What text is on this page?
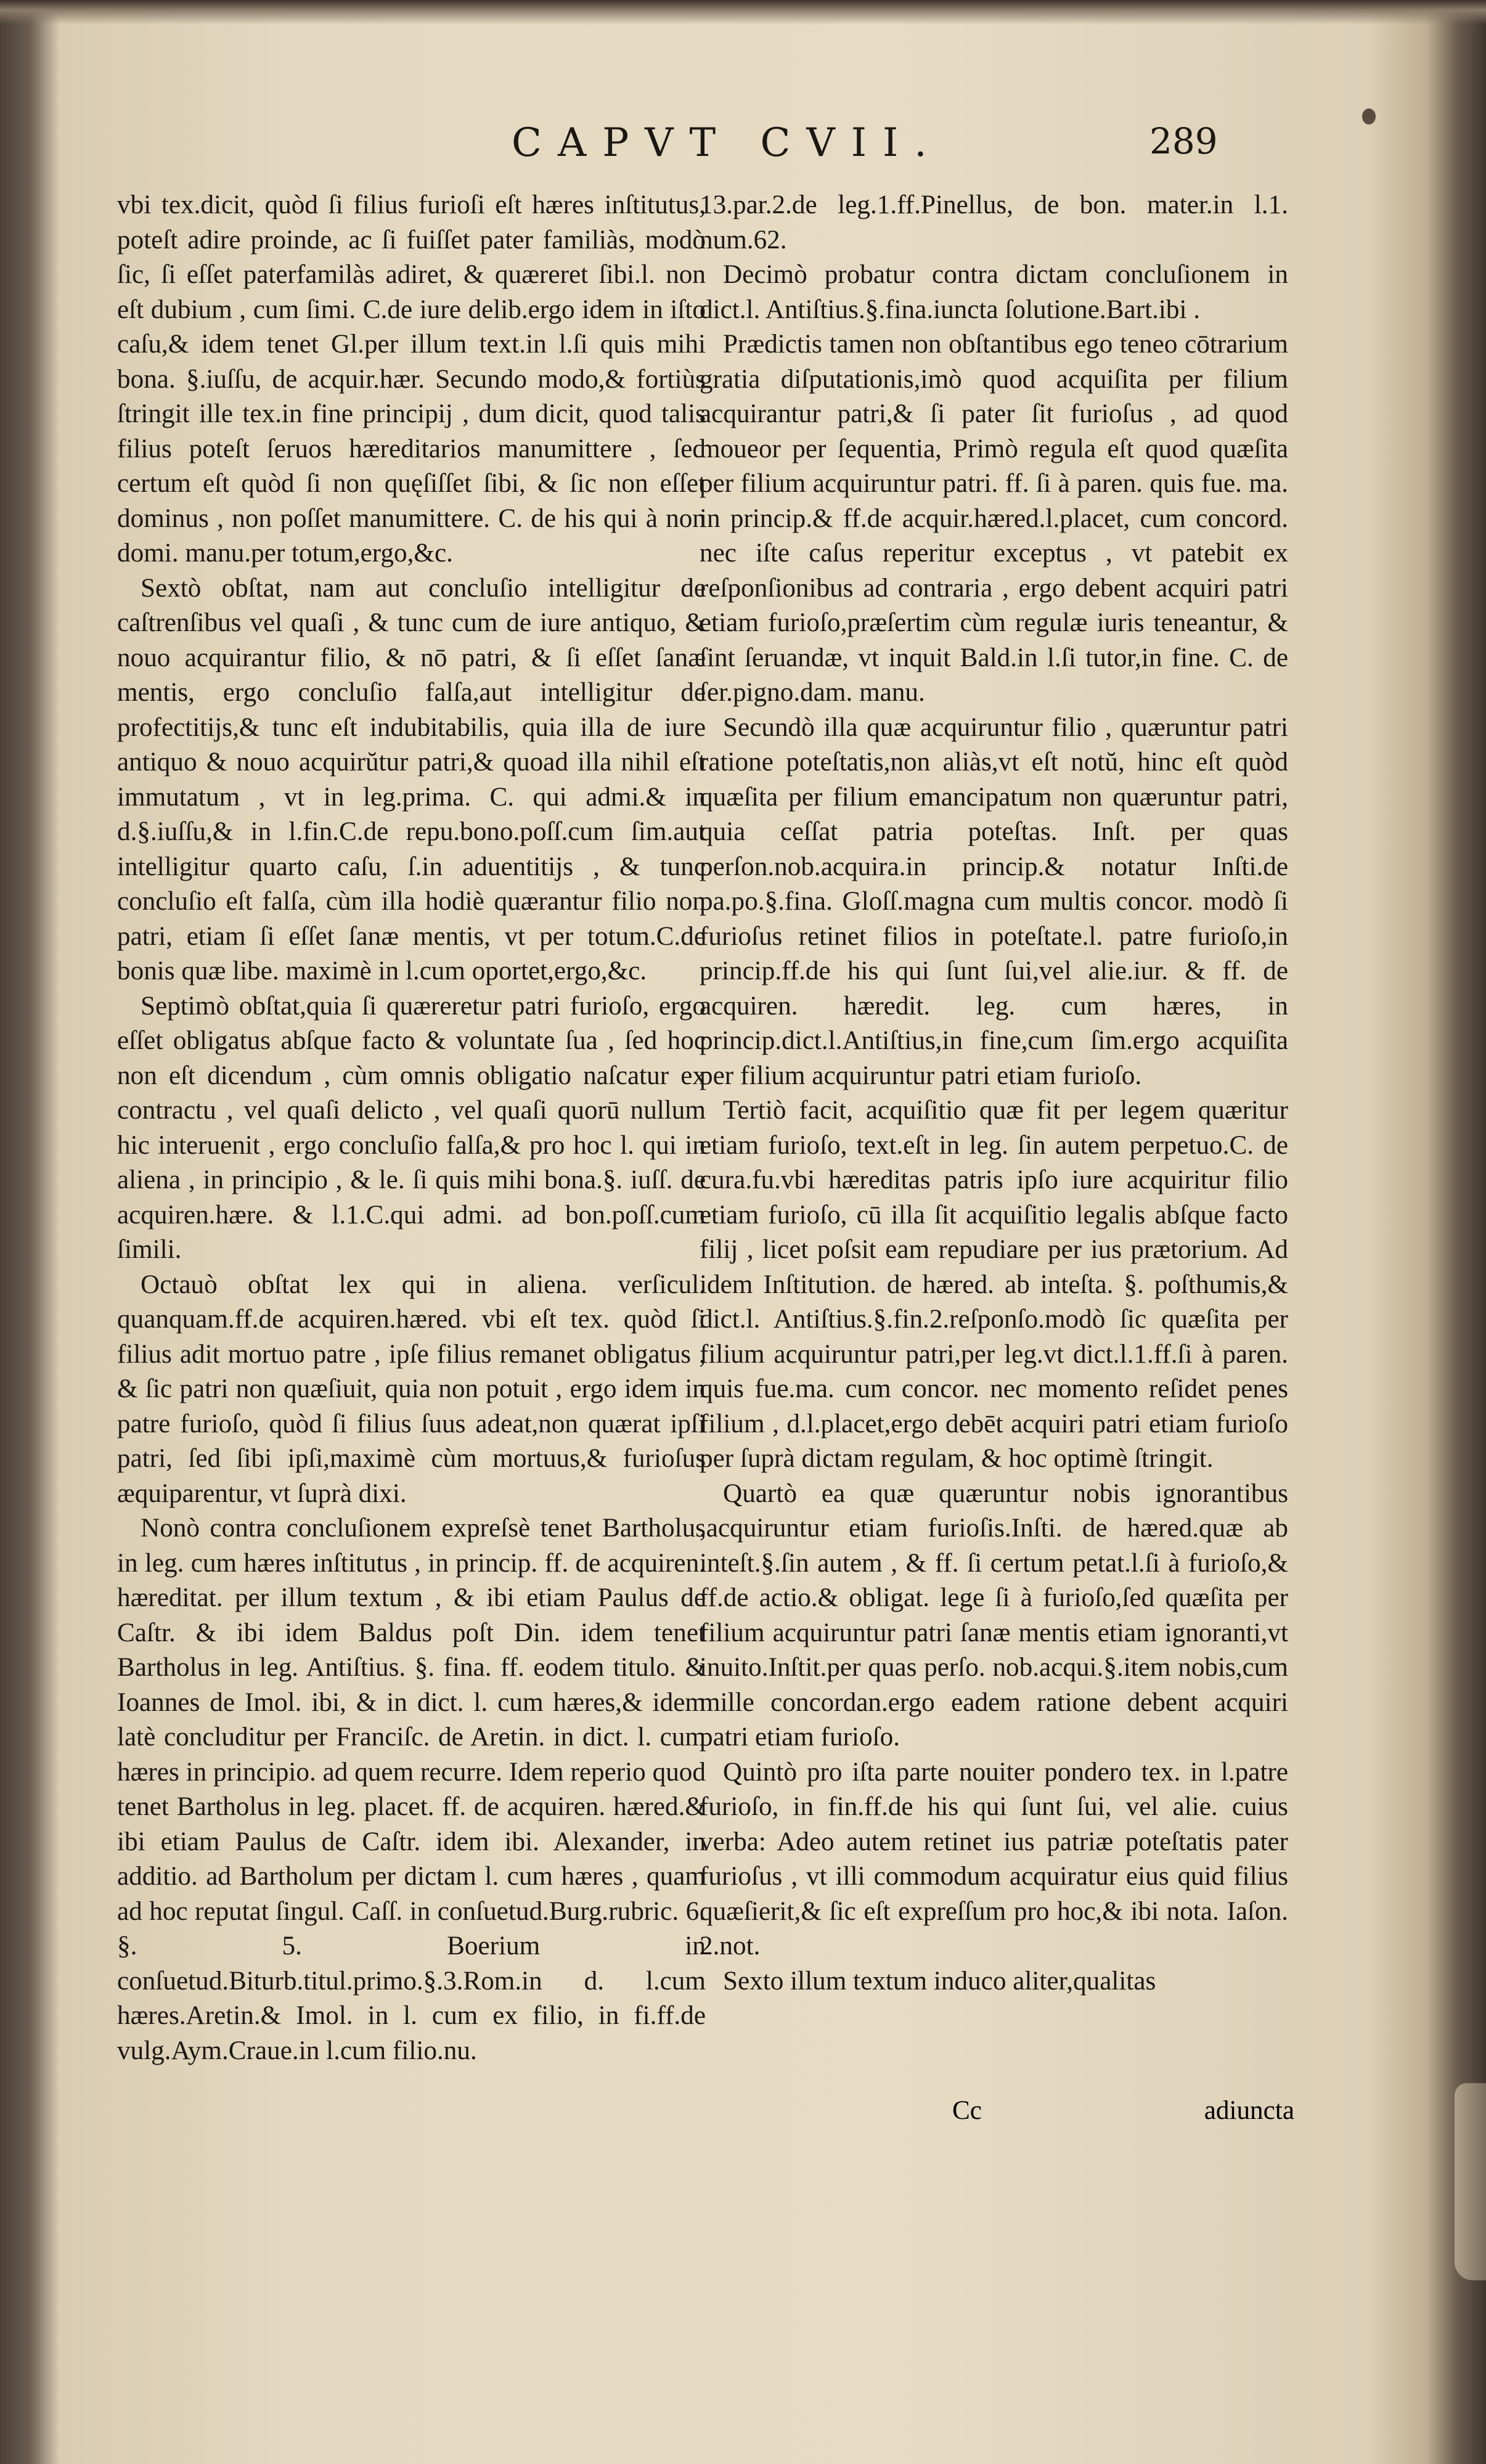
CAPVT CVII.	289

vbi tex.dicit, quòd ſi filius furioſi eſt hæres inſtitutus, poteſt adire proinde, ac ſi fuiſſet pater familiàs, modò ſic, ſi eſſet paterfamilàs adiret, & quæreret ſibi.l. non eſt dubium , cum ſimi. C.de iure delib.ergo idem in iſto caſu,& idem tenet Gl.per illum text.in l.ſi quis mihi bona. §.iuſſu, de acquir.hær. Secundo modo,& fortiùs ſtringit ille tex.in fine principij , dum dicit, quod talis filius poteſt ſeruos hæreditarios manumittere , ſed certum eſt quòd ſi non quęſiſſet ſibi, & ſic non eſſet dominus , non poſſet manumittere. C. de his qui à non domi. manu.per totum,ergo,&c.

Sextò obſtat, nam aut concluſio intelligitur de caſtrenſibus vel quaſi , & tunc cum de iure antiquo, & nouo acquirantur filio, & nō patri, & ſi eſſet ſanæ mentis, ergo concluſio falſa,aut intelligitur de profectitijs,& tunc eſt indubitabilis, quia illa de iure antiquo & nouo acquirŭtur patri,& quoad illa nihil eſt immutatum , vt in leg.prima. C. qui admi.& in d.§.iuſſu,& in l.fin.C.de repu.bono.poſſ.cum ſim.aut intelligitur quarto caſu, ſ.in aduentitijs , & tunc concluſio eſt falſa, cùm illa hodiè quærantur filio non patri, etiam ſi eſſet ſanæ mentis, vt per totum.C.de bonis quæ libe. maximè in l.cum oportet,ergo,&c.

Septimò obſtat,quia ſi quæreretur patri furioſo, ergo eſſet obligatus abſque facto & voluntate ſua , ſed hoc non eſt dicendum , cùm omnis obligatio naſcatur ex contractu , vel quaſi delicto , vel quaſi quorū nullum hic interuenit , ergo concluſio falſa,& pro hoc l. qui in aliena , in principio , & le. ſi quis mihi bona.§. iuſſ. de acquiren.hære. & l.1.C.qui admi. ad bon.poſſ.cum ſimili.

Octauò obſtat lex qui in aliena. verſicul. quanquam.ff.de acquiren.hæred. vbi eſt tex. quòd ſi filius adit mortuo patre , ipſe filius remanet obligatus , & ſic patri non quæſiuit, quia non potuit , ergo idem in patre furioſo, quòd ſi filius ſuus adeat,non quærat ipſi patri, ſed ſibi ipſi,maximè cùm mortuus,& furioſus æquiparentur, vt ſuprà dixi.

Nonò contra concluſionem expreſsè tenet Bartholus in leg. cum hæres inſtitutus , in princip. ff. de acquiren. hæreditat. per illum textum , & ibi etiam Paulus de Caſtr. & ibi idem Baldus poſt Din. idem tenet Bartholus in leg. Antiſtius. §. fina. ff. eodem titulo. & Ioannes de Imol. ibi, & in dict. l. cum hæres,& idem latè concluditur per Franciſc. de Aretin. in dict. l. cum hæres in principio. ad quem recurre. Idem reperio quod tenet Bartholus in leg. placet. ff. de acquiren. hæred.& ibi etiam Paulus de Caſtr. idem ibi. Alexander, in additio. ad Bartholum per dictam l. cum hæres , quam ad hoc reputat ſingul. Caſſ. in conſuetud.Burg.rubric. 6. §. 5. Boerium in conſuetud.Biturb.titul.primo.§.3.Rom.in d. l.cum hæres.Aretin.& Imol. in l. cum ex filio, in fi.ff.de vulg.Aym.Craue.in l.cum filio.nu.

13.par.2.de leg.1.ff.Pinellus, de bon. mater.in l.1. num.62.

Decimò probatur contra dictam concluſionem in dict.l. Antiſtius.§.fina.iuncta ſolutione.Bart.ibi .

Prædictis tamen non obſtantibus ego teneo cōtrarium gratia diſputationis,imò quod acquiſita per filium acquirantur patri,& ſi pater ſit furioſus , ad quod moueor per ſequentia, Primò regula eſt quod quæſita per filium acquiruntur patri. ff. ſi à paren. quis fue. ma. in princip.& ff.de acquir.hæred.l.placet, cum concord. nec iſte caſus reperitur exceptus , vt patebit ex reſponſionibus ad contraria , ergo debent acquiri patri etiam furioſo,præſertim cùm regulæ iuris teneantur, & ſint ſeruandæ, vt inquit Bald.in l.ſi tutor,in fine. C. de ſer.pigno.dam. manu.

Secundò illa quæ acquiruntur filio , quæruntur patri ratione poteſtatis,non aliàs,vt eſt notŭ, hinc eſt quòd quæſita per filium emancipatum non quæruntur patri, quia ceſſat patria poteſtas. Inſt. per quas perſon.nob.acquira.in princip.& notatur Inſti.de pa.po.§.fina. Gloſſ.magna cum multis concor. modò ſi furioſus retinet filios in poteſtate.l. patre furioſo,in princip.ff.de his qui ſunt ſui,vel alie.iur. & ff. de acquiren. hæredit. leg. cum hæres, in princip.dict.l.Antiſtius,in fine,cum ſim.ergo acquiſita per filium acquiruntur patri etiam furioſo.

Tertiò facit, acquiſitio quæ fit per legem quæritur etiam furioſo, text.eſt in leg. ſin autem perpetuo.C. de cura.fu.vbi hæreditas patris ipſo iure acquiritur filio etiam furioſo, cū illa ſit acquiſitio legalis abſque facto filij , licet poſsit eam repudiare per ius prætorium. Ad idem Inſtitution. de hæred. ab inteſta. §. poſthumis,& dict.l. Antiſtius.§.fin.2.reſponſo.modò ſic quæſita per filium acquiruntur patri,per leg.vt dict.l.1.ff.ſi à paren. quis fue.ma. cum concor. nec momento reſidet penes filium , d.l.placet,ergo debēt acquiri patri etiam furioſo per ſuprà dictam regulam, & hoc optimè ſtringit.

Quartò ea quæ quæruntur nobis ignorantibus ,acquiruntur etiam furioſis.Inſti. de hæred.quæ ab inteſt.§.ſin autem , & ff. ſi certum petat.l.ſi à furioſo,& ff.de actio.& obligat. lege ſi à furioſo,ſed quæſita per filium acquiruntur patri ſanæ mentis etiam ignoranti,vt inuito.Inſtit.per quas perſo. nob.acqui.§.item nobis,cum mille concordan.ergo eadem ratione debent acquiri patri etiam furioſo.

Quintò pro iſta parte nouiter pondero tex. in l.patre furioſo, in fin.ff.de his qui ſunt ſui, vel alie. cuius verba: Adeo autem retinet ius patriæ poteſtatis pater furioſus , vt illi commodum acquiratur eius quid filius quæſierit,& ſic eſt expreſſum pro hoc,& ibi nota. Iaſon. 2.not.

Sexto illum textum induco aliter,qualitas

Cc	adiuncta
